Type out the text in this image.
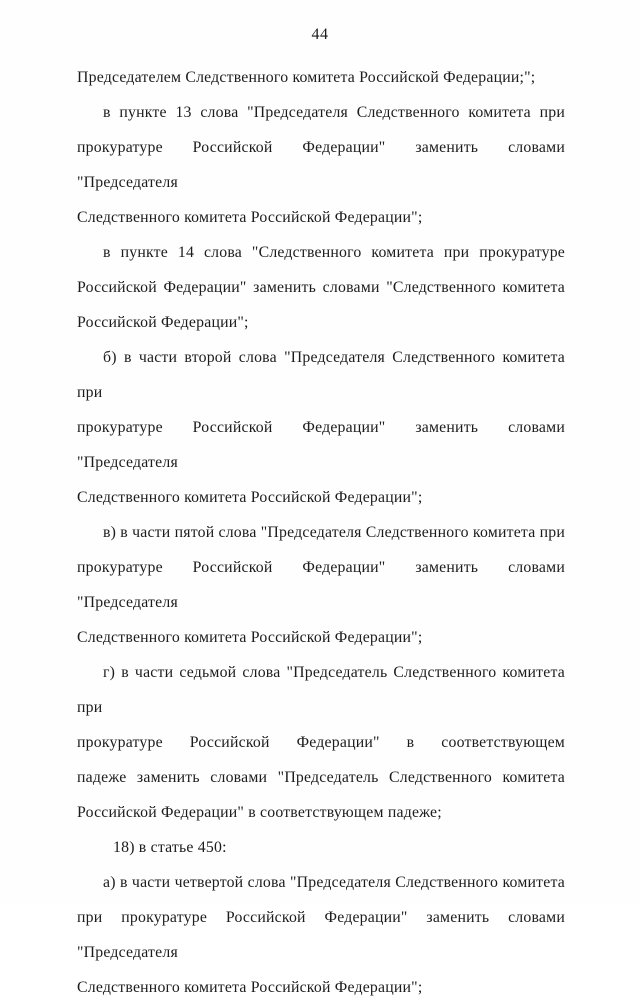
44
Председателем Следственного комитета Российской Федерации;";
в пункте 13 слова "Председателя Следственного комитета при
прокуратуре Российской Федерации" заменить словами "Председателя
Следственного комитета Российской Федерации";
в пункте 14 слова "Следственного комитета при прокуратуре
Российской Федерации" заменить словами "Следственного комитета
Российской Федерации";
б) в части второй слова "Председателя Следственного комитета при
прокуратуре Российской Федерации" заменить словами "Председателя
Следственного комитета Российской Федерации";
в) в части пятой слова "Председателя Следственного комитета при
прокуратуре Российской Федерации" заменить словами "Председателя
Следственного комитета Российской Федерации";
г) в части седьмой слова "Председатель Следственного комитета при
прокуратуре Российской Федерации" в соответствующем
падеже заменить словами "Председатель Следственного комитета
Российской Федерации" в соответствующем падеже;
18) в статье 450:
а) в части четвертой слова "Председателя Следственного комитета
при прокуратуре Российской Федерации" заменить словами "Председателя
Следственного комитета Российской Федерации";
